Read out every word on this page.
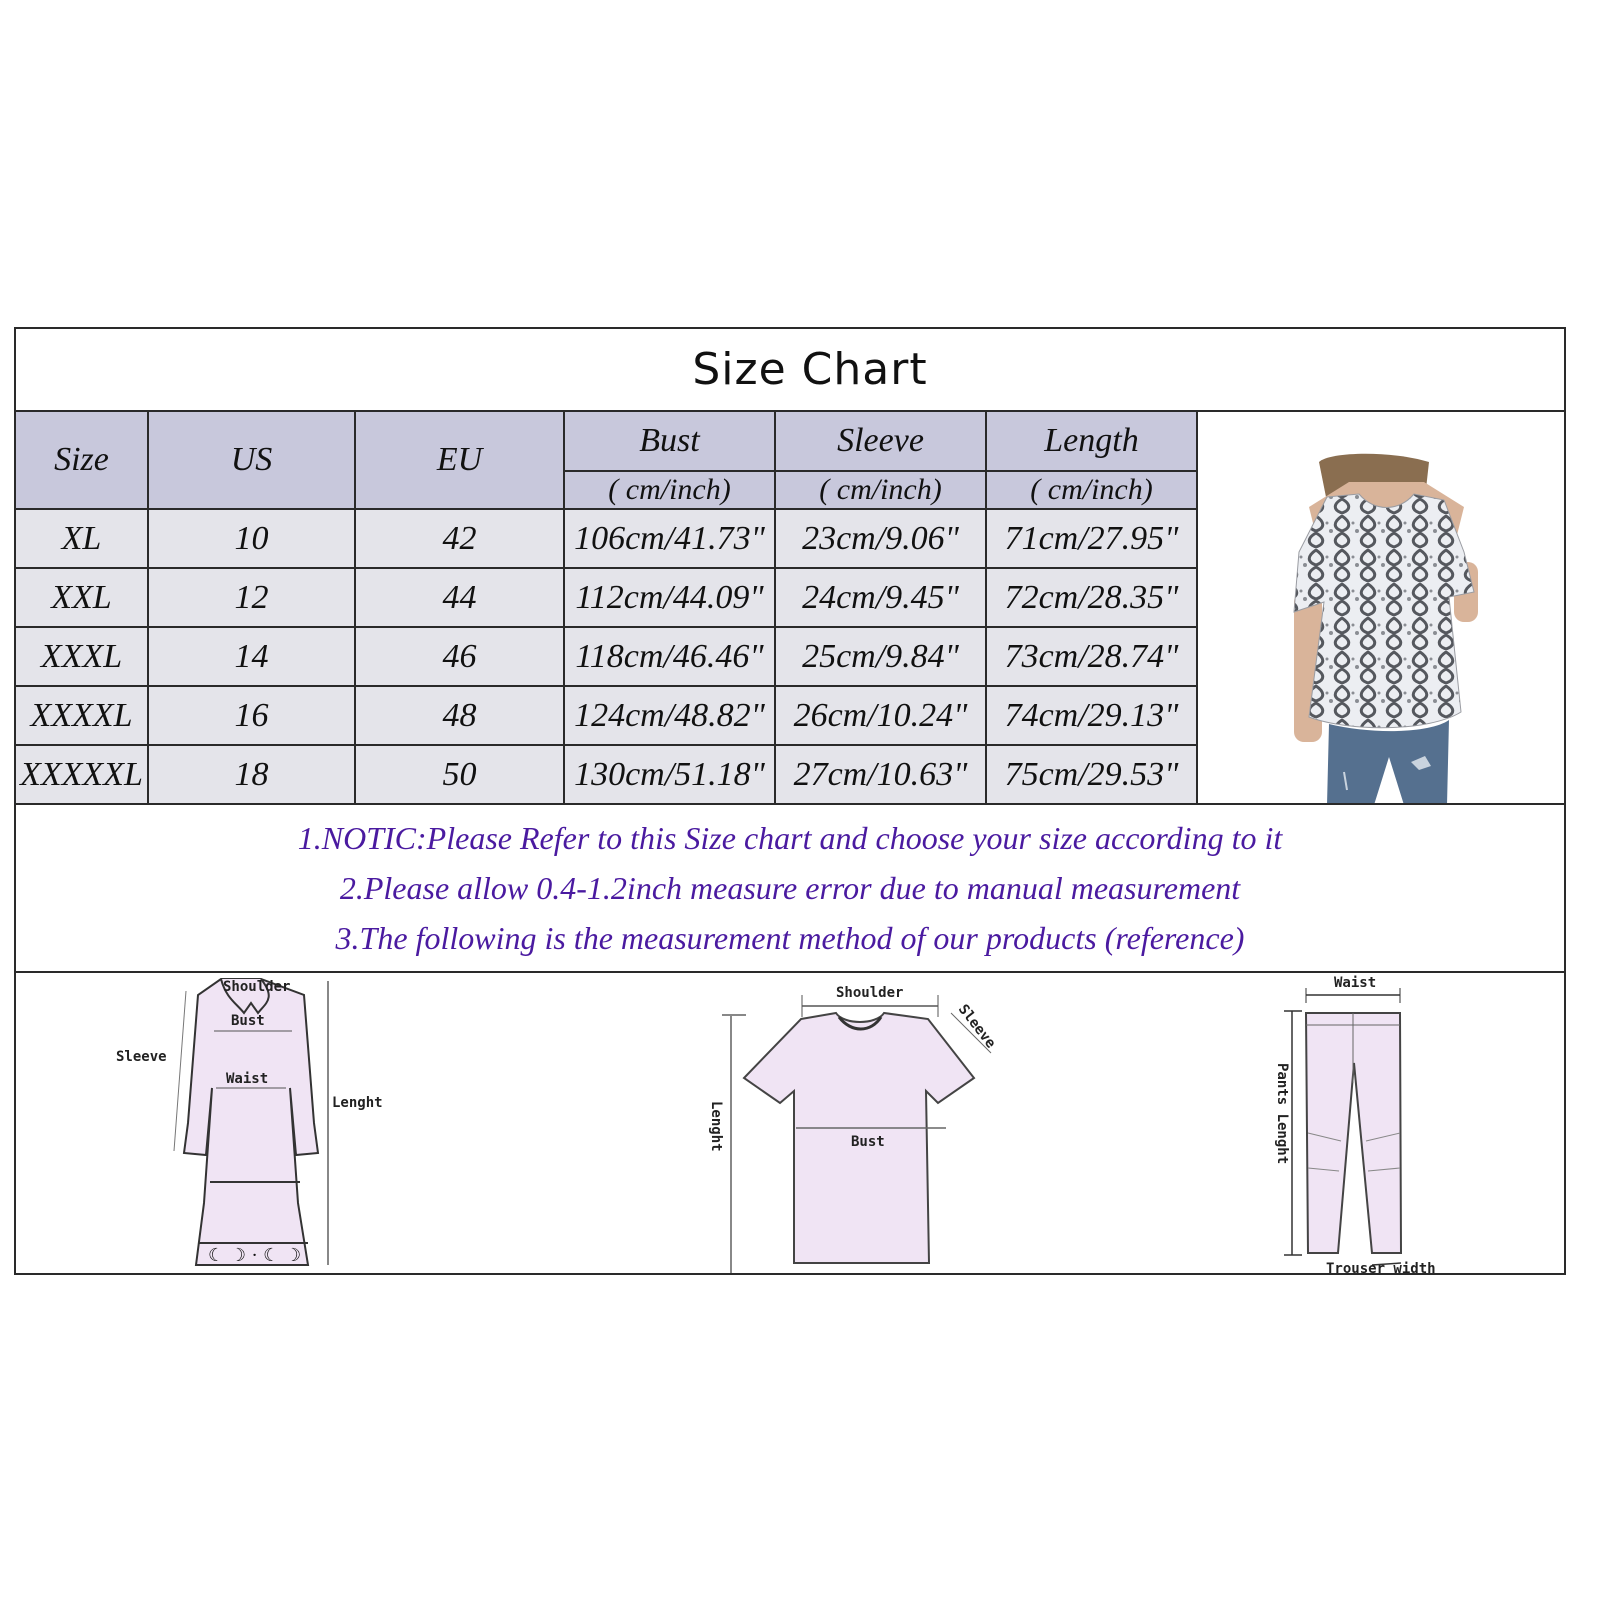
Size Chart
Size	US	EU	Bust	Sleeve	Length
			( cm/inch)	( cm/inch)	( cm/inch)
XL	10	42	106cm/41.73"	23cm/9.06"	71cm/27.95"
XXL	12	44	112cm/44.09"	24cm/9.45"	72cm/28.35"
XXXL	14	46	118cm/46.46"	25cm/9.84"	73cm/28.74"
XXXXL	16	48	124cm/48.82"	26cm/10.24"	74cm/29.13"
XXXXXL	18	50	130cm/51.18"	27cm/10.63"	75cm/29.53"
1.NOTIC:Please Refer to this Size chart and choose your size according to it
2.Please allow 0.4-1.2inch measure error due to manual measurement
3.The following is the measurement method of our products (reference)
☾ ☽ · ☾ ☽
Shoulder
Bust
Waist
Sleeve
Lenght
Shoulder
Bust
Sleeve
Lenght
Waist
Pants Lenght
Trouser width
